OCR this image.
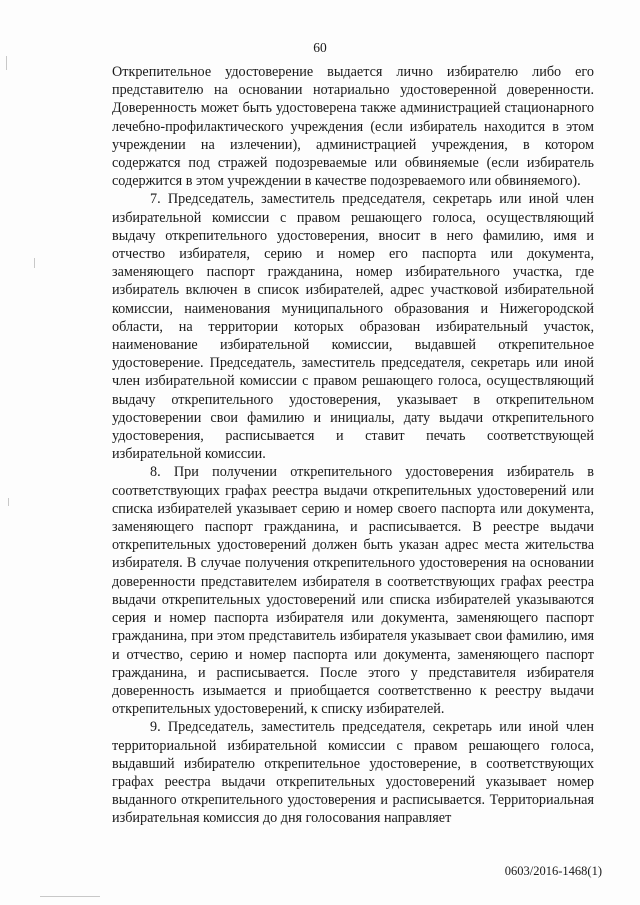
60

Открепительное удостоверение выдается лично избирателю либо его представителю на основании нотариально удостоверенной доверенности. Доверенность может быть удостоверена также администрацией стационарного лечебно-профилактического учреждения (если избиратель находится в этом учреждении на излечении), администрацией учреждения, в котором содержатся под стражей подозреваемые или обвиняемые (если избиратель содержится в этом учреждении в качестве подозреваемого или обвиняемого).

7. Председатель, заместитель председателя, секретарь или иной член избирательной комиссии с правом решающего голоса, осуществляющий выдачу открепительного удостоверения, вносит в него фамилию, имя и отчество избирателя, серию и номер его паспорта или документа, заменяющего паспорт гражданина, номер избирательного участка, где избиратель включен в список избирателей, адрес участковой избирательной комиссии, наименования муниципального образования и Нижегородской области, на территории которых образован избирательный участок, наименование избирательной комиссии, выдавшей открепительное удостоверение. Председатель, заместитель председателя, секретарь или иной член избирательной комиссии с правом решающего голоса, осуществляющий выдачу открепительного удостоверения, указывает в открепительном удостоверении свои фамилию и инициалы, дату выдачи открепительного удостоверения, расписывается и ставит печать соответствующей избирательной комиссии.

8. При получении открепительного удостоверения избиратель в соответствующих графах реестра выдачи открепительных удостоверений или списка избирателей указывает серию и номер своего паспорта или документа, заменяющего паспорт гражданина, и расписывается. В реестре выдачи открепительных удостоверений должен быть указан адрес места жительства избирателя. В случае получения открепительного удостоверения на основании доверенности представителем избирателя в соответствующих графах реестра выдачи открепительных удостоверений или списка избирателей указываются серия и номер паспорта избирателя или документа, заменяющего паспорт гражданина, при этом представитель избирателя указывает свои фамилию, имя и отчество, серию и номер паспорта или документа, заменяющего паспорт гражданина, и расписывается. После этого у представителя избирателя доверенность изымается и приобщается соответственно к реестру выдачи открепительных удостоверений, к списку избирателей.

9. Председатель, заместитель председателя, секретарь или иной член территориальной избирательной комиссии с правом решающего голоса, выдавший избирателю открепительное удостоверение, в соответствующих графах реестра выдачи открепительных удостоверений указывает номер выданного открепительного удостоверения и расписывается. Территориальная избирательная комиссия до дня голосования направляет

0603/2016-1468(1)
